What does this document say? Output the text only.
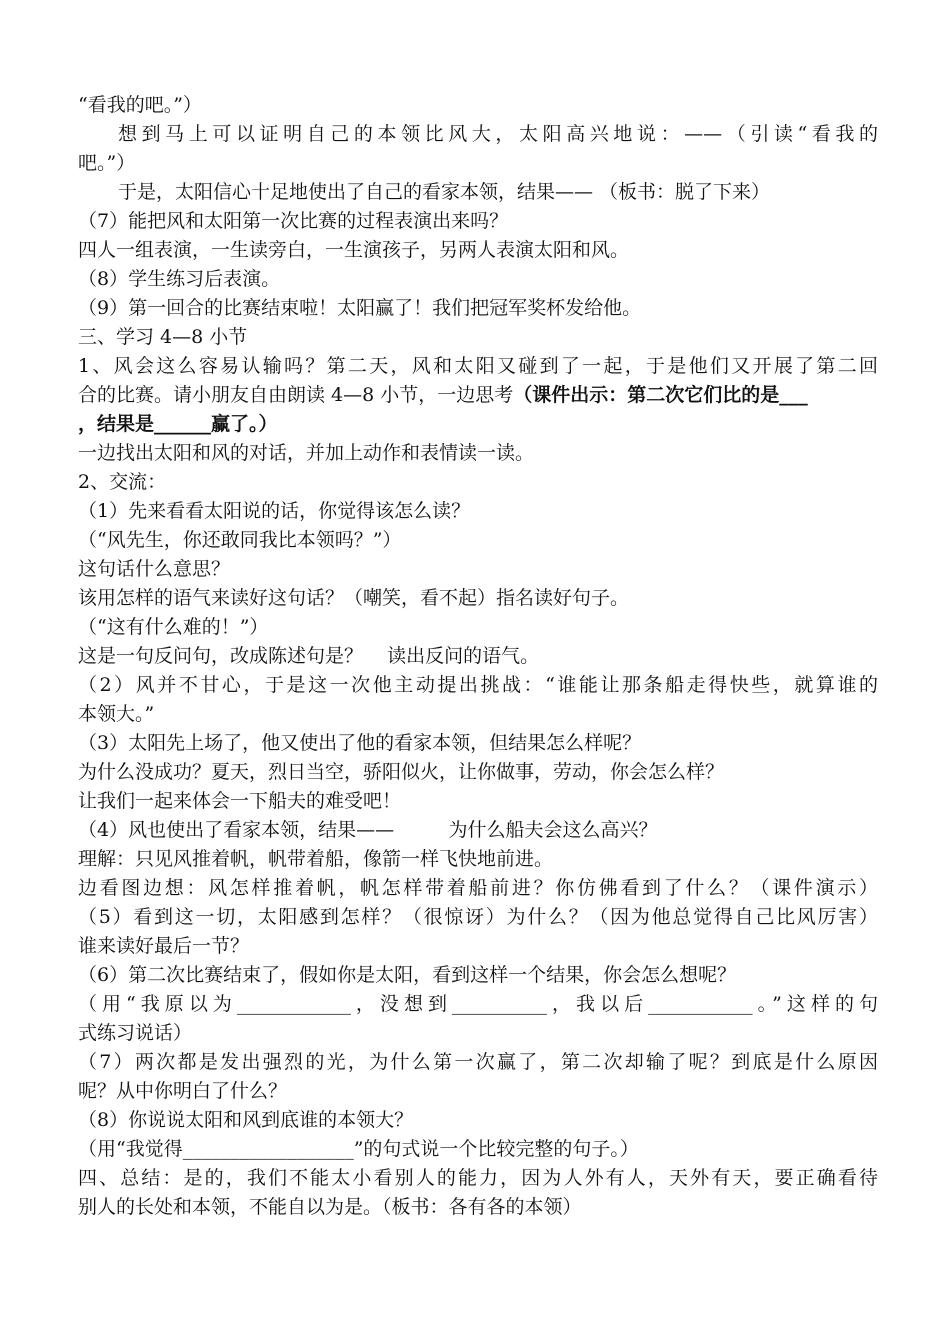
“看我的吧。”）
想到马上可以证明自己的本领比风大，太阳高兴地说：——（引读“看我的
吧。”）
于是，太阳信心十足地使出了自己的看家本领，结果—— （板书：脱了下来）
（7）能把风和太阳第一次比赛的过程表演出来吗？
四人一组表演，一生读旁白，一生演孩子，另两人表演太阳和风。
（8）学生练习后表演。
（9）第一回合的比赛结束啦！太阳赢了！我们把冠军奖杯发给他。
三、学习 4—8 小节
1、风会这么容易认输吗？第二天，风和太阳又碰到了一起，于是他们又开展了第二回
合的比赛。请小朋友自由朗读 4—8 小节，一边思考（课件出示：第二次它们比的是___
，结果是______赢了。）
一边找出太阳和风的对话，并加上动作和表情读一读。
2、交流：
（1）先来看看太阳说的话，你觉得该怎么读？
（“风先生，你还敢同我比本领吗？”）
这句话什么意思？
该用怎样的语气来读好这句话？（嘲笑，看不起）指名读好句子。
（“这有什么难的！”）
这是一句反问句，改成陈述句是？    读出反问的语气。
（2）风并不甘心，于是这一次他主动提出挑战：“谁能让那条船走得快些，就算谁的
本领大。”
（3）太阳先上场了，他又使出了他的看家本领，但结果怎么样呢？
为什么没成功？夏天，烈日当空，骄阳似火，让你做事，劳动，你会怎么样？
让我们一起来体会一下船夫的难受吧！
（4）风也使出了看家本领，结果——         为什么船夫会这么高兴？
理解：只见风推着帆，帆带着船，像箭一样飞快地前进。
边看图边想：风怎样推着帆，帆怎样带着船前进？你仿佛看到了什么？（课件演示）
（5）看到这一切，太阳感到怎样？（很惊讶）为什么？（因为他总觉得自己比风厉害）
谁来读好最后一节？
（6）第二次比赛结束了，假如你是太阳，看到这样一个结果，你会怎么想呢？
（用“我原以为____________，没想到__________，我以后___________。”这样的句
式练习说话）
（7）两次都是发出强烈的光，为什么第一次赢了，第二次却输了呢？到底是什么原因
呢？从中你明白了什么？
（8）你说说太阳和风到底谁的本领大？
（用“我觉得__________________”的句式说一个比较完整的句子。）
四、总结：是的，我们不能太小看别人的能力，因为人外有人，天外有天，要正确看待
别人的长处和本领，不能自以为是。（板书：各有各的本领）
